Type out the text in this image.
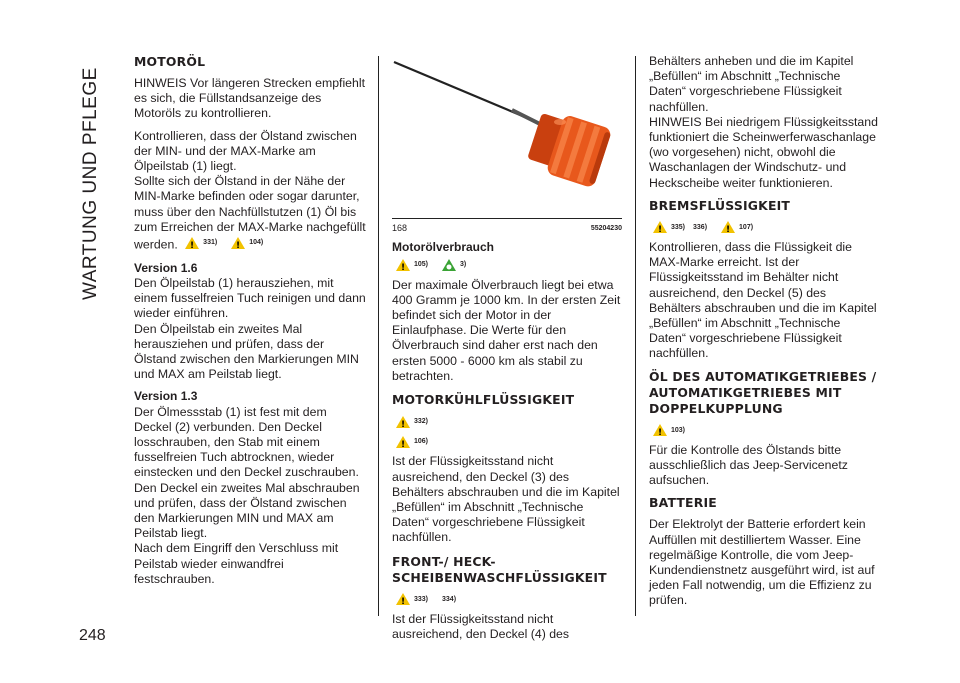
WARTUNG UND PFLEGE
248
MOTORÖL

HINWEIS Vor längeren Strecken empfiehlt es sich, die Füllstandsanzeige des Motoröls zu kontrollieren.

Kontrollieren, dass der Ölstand zwischen der MIN- und der MAX-Marke am Ölpeilstab (1) liegt.

Sollte sich der Ölstand in der Nähe der MIN-Marke befinden oder sogar darunter, muss über den Nachfüllstutzen (1) Öl bis zum Erreichen der MAX-Marke nachgefüllt werden. ! 331) ! 104)

Version 1.6

Den Ölpeilstab (1) herausziehen, mit einem fusselfreien Tuch reinigen und dann wieder einführen.

Den Ölpeilstab ein zweites Mal herausziehen und prüfen, dass der Ölstand zwischen den Markierungen MIN und MAX am Peilstab liegt.

Version 1.3

Der Ölmessstab (1) ist fest mit dem Deckel (2) verbunden. Den Deckel losschrauben, den Stab mit einem fusselfreien Tuch abtrocknen, wieder einstecken und den Deckel zuschrauben.

Den Deckel ein zweites Mal abschrauben und prüfen, dass der Ölstand zwischen den Markierungen MIN und MAX am Peilstab liegt.

Nach dem Eingriff den Verschluss mit Peilstab wieder einwandfrei festschrauben.

168	55204230

Motorölverbrauch

! 105)	3)

Der maximale Ölverbrauch liegt bei etwa 400 Gramm je 1000 km. In der ersten Zeit befindet sich der Motor in der Einlaufphase. Die Werte für den Ölverbrauch sind daher erst nach den ersten 5000 - 6000 km als stabil zu betrachten.

MOTORKÜHLFLÜSSIGKEIT
! 332)
! 106)

Ist der Flüssigkeitsstand nicht ausreichend, den Deckel (3) des Behälters abschrauben und die im Kapitel „Befüllen“ im Abschnitt „Technische Daten“ vorgeschriebene Flüssigkeit nachfüllen.

FRONT-/ HECK-SCHEIBENWASCHFLÜSSIGKEIT
! 333) 334)

Ist der Flüssigkeitsstand nicht ausreichend, den Deckel (4) des

Behälters anheben und die im Kapitel „Befüllen“ im Abschnitt „Technische Daten“ vorgeschriebene Flüssigkeit nachfüllen.

HINWEIS Bei niedrigem Flüssigkeitsstand funktioniert die Scheinwerferwaschanlage (wo vorgesehen) nicht, obwohl die Waschanlagen der Windschutz- und Heckscheibe weiter funktionieren.

BREMSFLÜSSIGKEIT
! 335) 336) ! 107)

Kontrollieren, dass die Flüssigkeit die MAX-Marke erreicht. Ist der Flüssigkeitsstand im Behälter nicht ausreichend, den Deckel (5) des Behälters abschrauben und die im Kapitel „Befüllen“ im Abschnitt „Technische Daten“ vorgeschriebene Flüssigkeit nachfüllen.

ÖL DES AUTOMATIKGETRIEBES / AUTOMATIKGETRIEBES MIT DOPPELKUPPLUNG
! 103)

Für die Kontrolle des Ölstands bitte ausschließlich das Jeep-Servicenetz aufsuchen.

BATTERIE

Der Elektrolyt der Batterie erfordert kein Auffüllen mit destilliertem Wasser. Eine regelmäßige Kontrolle, die vom Jeep-Kundendienstnetz ausgeführt wird, ist auf jeden Fall notwendig, um die Effizienz zu prüfen.
